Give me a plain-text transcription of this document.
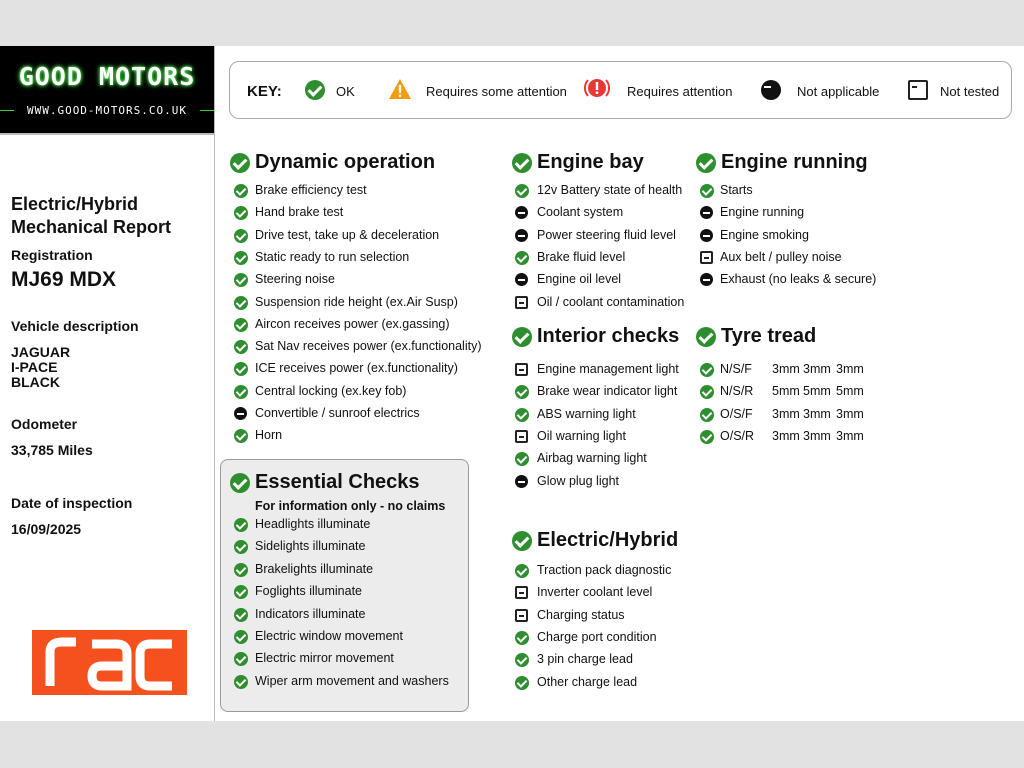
GOOD MOTORS
WWW.GOOD-MOTORS.CO.UK
Electric/Hybrid
Mechanical Report
Registration
MJ69 MDX
Vehicle description
JAGUAR
I-PACE
BLACK
Odometer
33,785 Miles
Date of inspection
16/09/2025
KEY:	OK	Requires some attention	Requires attention	Not applicable	Not tested
Dynamic operation
Brake efficiency test
Hand brake test
Drive test, take up & deceleration
Static ready to run selection
Steering noise
Suspension ride height (ex.Air Susp)
Aircon receives power (ex.gassing)
Sat Nav receives power (ex.functionality)
ICE receives power (ex.functionality)
Central locking (ex.key fob)
Convertible / sunroof electrics
Horn
Essential Checks
For information only - no claims
Headlights illuminate
Sidelights illuminate
Brakelights illuminate
Foglights illuminate
Indicators illuminate
Electric window movement
Electric mirror movement
Wiper arm movement and washers
Engine bay
12v Battery state of health
Coolant system
Power steering fluid level
Brake fluid level
Engine oil level
Oil / coolant contamination
Interior checks
Engine management light
Brake wear indicator light
ABS warning light
Oil warning light
Airbag warning light
Glow plug light
Electric/Hybrid
Traction pack diagnostic
Inverter coolant level
Charging status
Charge port condition
3 pin charge lead
Other charge lead
Engine running
Starts
Engine running
Engine smoking
Aux belt / pulley noise
Exhaust (no leaks & secure)
Tyre tread
N/S/F 3mm 3mm 3mm
N/S/R 5mm 5mm 5mm
O/S/F 3mm 3mm 3mm
O/S/R 3mm 3mm 3mm
